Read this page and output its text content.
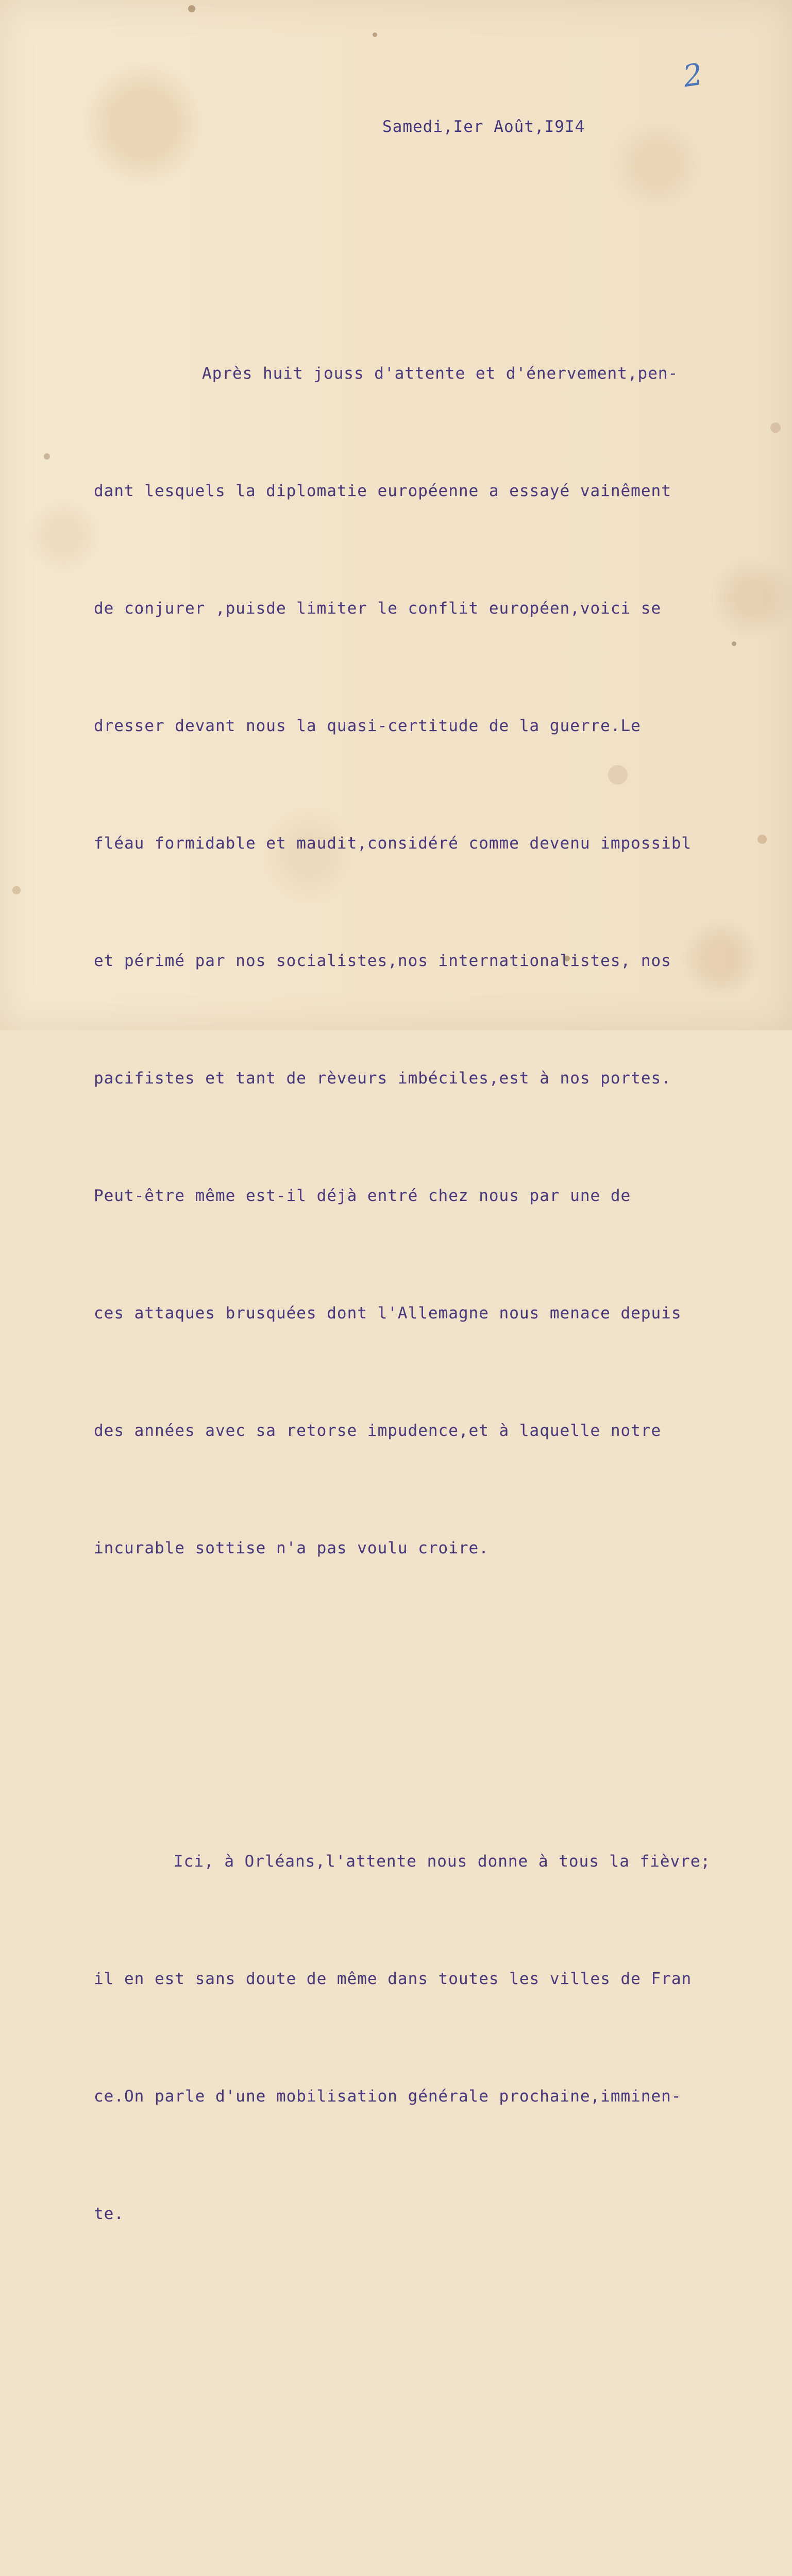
2

Samedi,Ier Août,I9I4

Après huit jouss d'attente et d'énervement,pen-

dant lesquels la diplomatie européenne a essayé vainêment

de conjurer ,puisde limiter le conflit européen,voici se

dresser devant nous la quasi-certitude de la guerre.Le

fléau formidable et maudit,considéré comme devenu impossibl

et périmé par nos socialistes,nos internationalistes, nos

pacifistes et tant de rèveurs imbéciles,est à nos portes.

Peut-être même est-il déjà entré chez nous par une de

ces attaques brusquées dont l'Allemagne nous menace depuis

des années avec sa retorse impudence,et à laquelle notre

incurable sottise n'a pas voulu croire.

Ici, à Orléans,l'attente nous donne à tous la fièvre;

il en est sans doute de même dans toutes les villes de Fran

ce.On parle d'une mobilisation générale prochaine,imminen-

te.
